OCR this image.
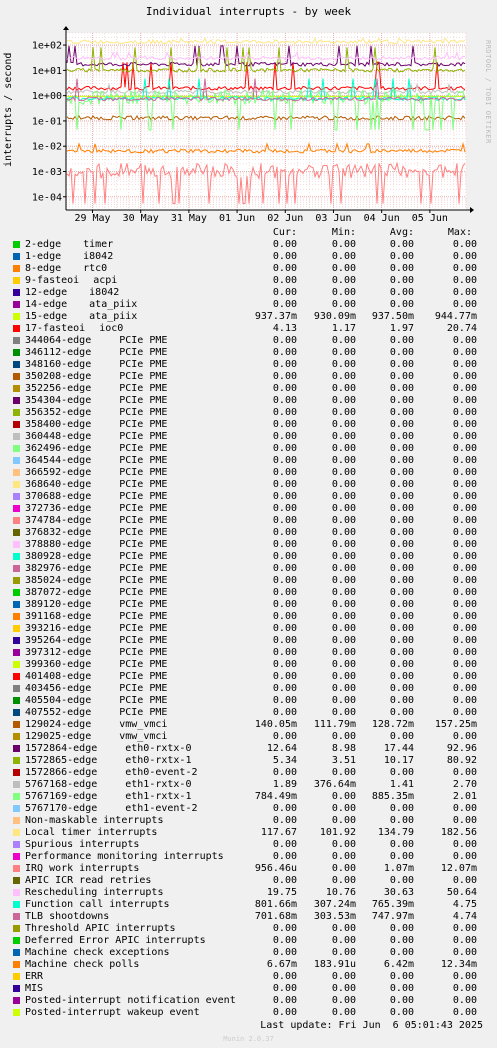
Individual interrupts - by week
RRDTOOL / TOBI OETIKER
interrupts / second
1e+02
1e+01
1e+00
1e-01
1e-02
1e-03
1e-04
29 May 30 May 31 May 01 Jun 02 Jun 03 Jun 04 Jun 05 Jun
Cur:	Min:	Avg:	Max:
2-edge timer	0.00	0.00	0.00	0.00
1-edge i8042	0.00	0.00	0.00	0.00
8-edge rtc0	0.00	0.00	0.00	0.00
9-fasteoi acpi	0.00	0.00	0.00	0.00
12-edge i8042	0.00	0.00	0.00	0.00
14-edge ata_piix	0.00	0.00	0.00	0.00
15-edge ata_piix	937.37m	930.09m	937.50m	944.77m
17-fasteoi ioc0	4.13	1.17	1.97	20.74
344064-edge	PCIe PME	0.00	0.00	0.00	0.00
346112-edge	PCIe PME	0.00	0.00	0.00	0.00
348160-edge	PCIe PME	0.00	0.00	0.00	0.00
350208-edge	PCIe PME	0.00	0.00	0.00	0.00
352256-edge	PCIe PME	0.00	0.00	0.00	0.00
354304-edge	PCIe PME	0.00	0.00	0.00	0.00
356352-edge	PCIe PME	0.00	0.00	0.00	0.00
358400-edge	PCIe PME	0.00	0.00	0.00	0.00
360448-edge	PCIe PME	0.00	0.00	0.00	0.00
362496-edge	PCIe PME	0.00	0.00	0.00	0.00
364544-edge	PCIe PME	0.00	0.00	0.00	0.00
366592-edge	PCIe PME	0.00	0.00	0.00	0.00
368640-edge	PCIe PME	0.00	0.00	0.00	0.00
370688-edge	PCIe PME	0.00	0.00	0.00	0.00
372736-edge	PCIe PME	0.00	0.00	0.00	0.00
374784-edge	PCIe PME	0.00	0.00	0.00	0.00
376832-edge	PCIe PME	0.00	0.00	0.00	0.00
378880-edge	PCIe PME	0.00	0.00	0.00	0.00
380928-edge	PCIe PME	0.00	0.00	0.00	0.00
382976-edge	PCIe PME	0.00	0.00	0.00	0.00
385024-edge	PCIe PME	0.00	0.00	0.00	0.00
387072-edge	PCIe PME	0.00	0.00	0.00	0.00
389120-edge	PCIe PME	0.00	0.00	0.00	0.00
391168-edge	PCIe PME	0.00	0.00	0.00	0.00
393216-edge	PCIe PME	0.00	0.00	0.00	0.00
395264-edge	PCIe PME	0.00	0.00	0.00	0.00
397312-edge	PCIe PME	0.00	0.00	0.00	0.00
399360-edge	PCIe PME	0.00	0.00	0.00	0.00
401408-edge	PCIe PME	0.00	0.00	0.00	0.00
403456-edge	PCIe PME	0.00	0.00	0.00	0.00
405504-edge	PCIe PME	0.00	0.00	0.00	0.00
407552-edge	PCIe PME	0.00	0.00	0.00	0.00
129024-edge	vmw_vmci	140.05m	111.79m	128.72m	157.25m
129025-edge	vmw_vmci	0.00	0.00	0.00	0.00
1572864-edge	eth0-rxtx-0	12.64	8.98	17.44	92.96
1572865-edge	eth0-rxtx-1	5.34	3.51	10.17	80.92
1572866-edge	eth0-event-2	0.00	0.00	0.00	0.00
5767168-edge	eth1-rxtx-0	1.89	376.64m	1.41	2.70
5767169-edge	eth1-rxtx-1	784.49m	0.00	885.35m	2.01
5767170-edge	eth1-event-2	0.00	0.00	0.00	0.00
Non-maskable interrupts	0.00	0.00	0.00	0.00
Local timer interrupts	117.67	101.92	134.79	182.56
Spurious interrupts	0.00	0.00	0.00	0.00
Performance monitoring interrupts	0.00	0.00	0.00	0.00
IRQ work interrupts	956.46u	0.00	1.07m	12.07m
APIC ICR read retries	0.00	0.00	0.00	0.00
Rescheduling interrupts	19.75	10.76	30.63	50.64
Function call interrupts	801.66m	307.24m	765.39m	4.75
TLB shootdowns	701.68m	303.53m	747.97m	4.74
Threshold APIC interrupts	0.00	0.00	0.00	0.00
Deferred Error APIC interrupts	0.00	0.00	0.00	0.00
Machine check exceptions	0.00	0.00	0.00	0.00
Machine check polls	6.67m	183.91u	6.42m	12.34m
ERR	0.00	0.00	0.00	0.00
MIS	0.00	0.00	0.00	0.00
Posted-interrupt notification event	0.00	0.00	0.00	0.00
Posted-interrupt wakeup event	0.00	0.00	0.00	0.00
Last update: Fri Jun  6 05:01:43 2025
Munin 2.0.37
